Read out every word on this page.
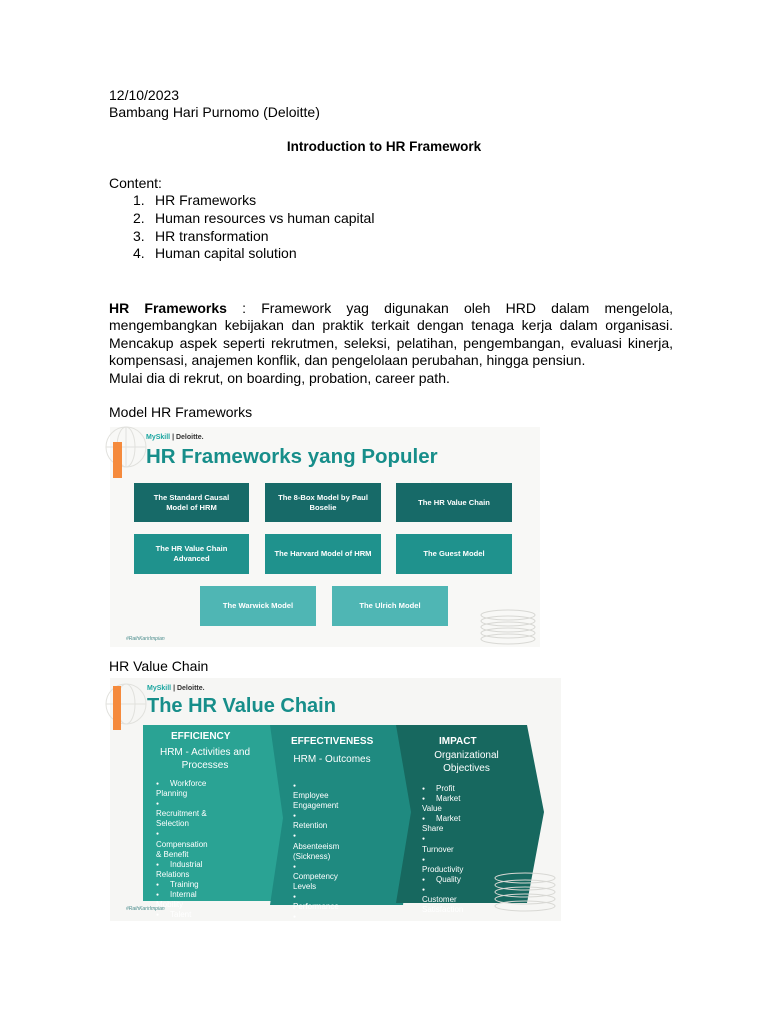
12/10/2023
Bambang Hari Purnomo (Deloitte)
Introduction to HR Framework
Content:
1. HR Frameworks
2. Human resources vs human capital
3. HR transformation
4. Human capital solution

HR Frameworks : Framework yag digunakan oleh HRD dalam mengelola,

mengembangkan kebijakan dan praktik terkait dengan tenaga kerja dalam organisasi.

Mencakup aspek seperti rekrutmen, seleksi, pelatihan, pengembangan, evaluasi kinerja,

kompensasi, anajemen konflik, dan pengelolaan perubahan, hingga pensiun.

Mulai dia di rekrut, on boarding, probation, career path.

Model HR Frameworks
MySkill | Deloitte.
HR Frameworks yang Populer
The Standard Causal Model of HRM
The 8-Box Model by Paul Boselie
The HR Value Chain
The HR Value Chain Advanced
The Harvard Model of HRM	The Guest Model
The Warwick Model	The Ulrich Model
#RaihKarirImpian
HR Value Chain
MySkill | Deloitte.
The HR Value Chain
EFFICIENCY
HRM - Activities and Processes
● Workforce Planning
● Recruitment & Selection
● Compensation & Benefit
● Industrial Relations
● Training
● Internal Mobility
● Talent Management
● Coaching
● Downsizing
● Organization Design
EFFECTIVENESS
HRM - Outcomes
● Employee Engagement
● Retention
● Absenteeism (Sickness)
● Competency Levels
● Performance
● Workforce Costs
● Talent Metrics
IMPACT
Organizational Objectives
● Profit
● Market Value
● Market Share
● Turnover
● Productivity
● Quality
● Customer Satisfaction
#RaihKarirImpian
